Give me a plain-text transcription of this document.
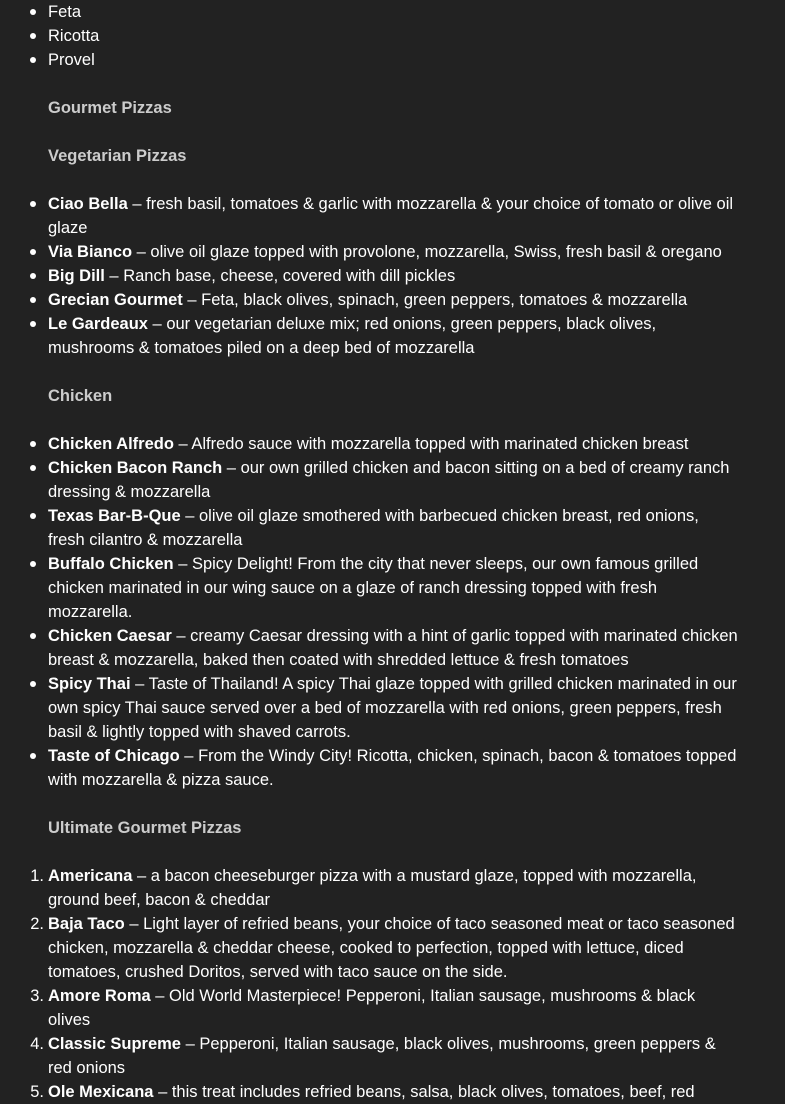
Feta
Ricotta
Provel

Gourmet Pizzas

Vegetarian Pizzas

Ciao Bella – fresh basil, tomatoes & garlic with mozzarella & your choice of tomato or olive oil glaze
Via Bianco – olive oil glaze topped with provolone, mozzarella, Swiss, fresh basil & oregano
Big Dill – Ranch base, cheese, covered with dill pickles
Grecian Gourmet – Feta, black olives, spinach, green peppers, tomatoes & mozzarella
Le Gardeaux – our vegetarian deluxe mix; red onions, green peppers, black olives, mushrooms & tomatoes piled on a deep bed of mozzarella

Chicken

Chicken Alfredo – Alfredo sauce with mozzarella topped with marinated chicken breast
Chicken Bacon Ranch – our own grilled chicken and bacon sitting on a bed of creamy ranch dressing & mozzarella
Texas Bar-B-Que – olive oil glaze smothered with barbecued chicken breast, red onions, fresh cilantro & mozzarella
Buffalo Chicken – Spicy Delight! From the city that never sleeps, our own famous grilled chicken marinated in our wing sauce on a glaze of ranch dressing topped with fresh mozzarella.
Chicken Caesar – creamy Caesar dressing with a hint of garlic topped with marinated chicken breast & mozzarella, baked then coated with shredded lettuce & fresh tomatoes
Spicy Thai – Taste of Thailand! A spicy Thai glaze topped with grilled chicken marinated in our own spicy Thai sauce served over a bed of mozzarella with red onions, green peppers, fresh basil & lightly topped with shaved carrots.
Taste of Chicago – From the Windy City! Ricotta, chicken, spinach, bacon & tomatoes topped with mozzarella & pizza sauce.

Ultimate Gourmet Pizzas

1. Americana – a bacon cheeseburger pizza with a mustard glaze, topped with mozzarella, ground beef, bacon & cheddar
2. Baja Taco – Light layer of refried beans, your choice of taco seasoned meat or taco seasoned chicken, mozzarella & cheddar cheese, cooked to perfection, topped with lettuce, diced tomatoes, crushed Doritos, served with taco sauce on the side.
3. Amore Roma – Old World Masterpiece! Pepperoni, Italian sausage, mushrooms & black olives
4. Classic Supreme – Pepperoni, Italian sausage, black olives, mushrooms, green peppers & red onions
5. Ole Mexicana – this treat includes refried beans, salsa, black olives, tomatoes, beef, red
